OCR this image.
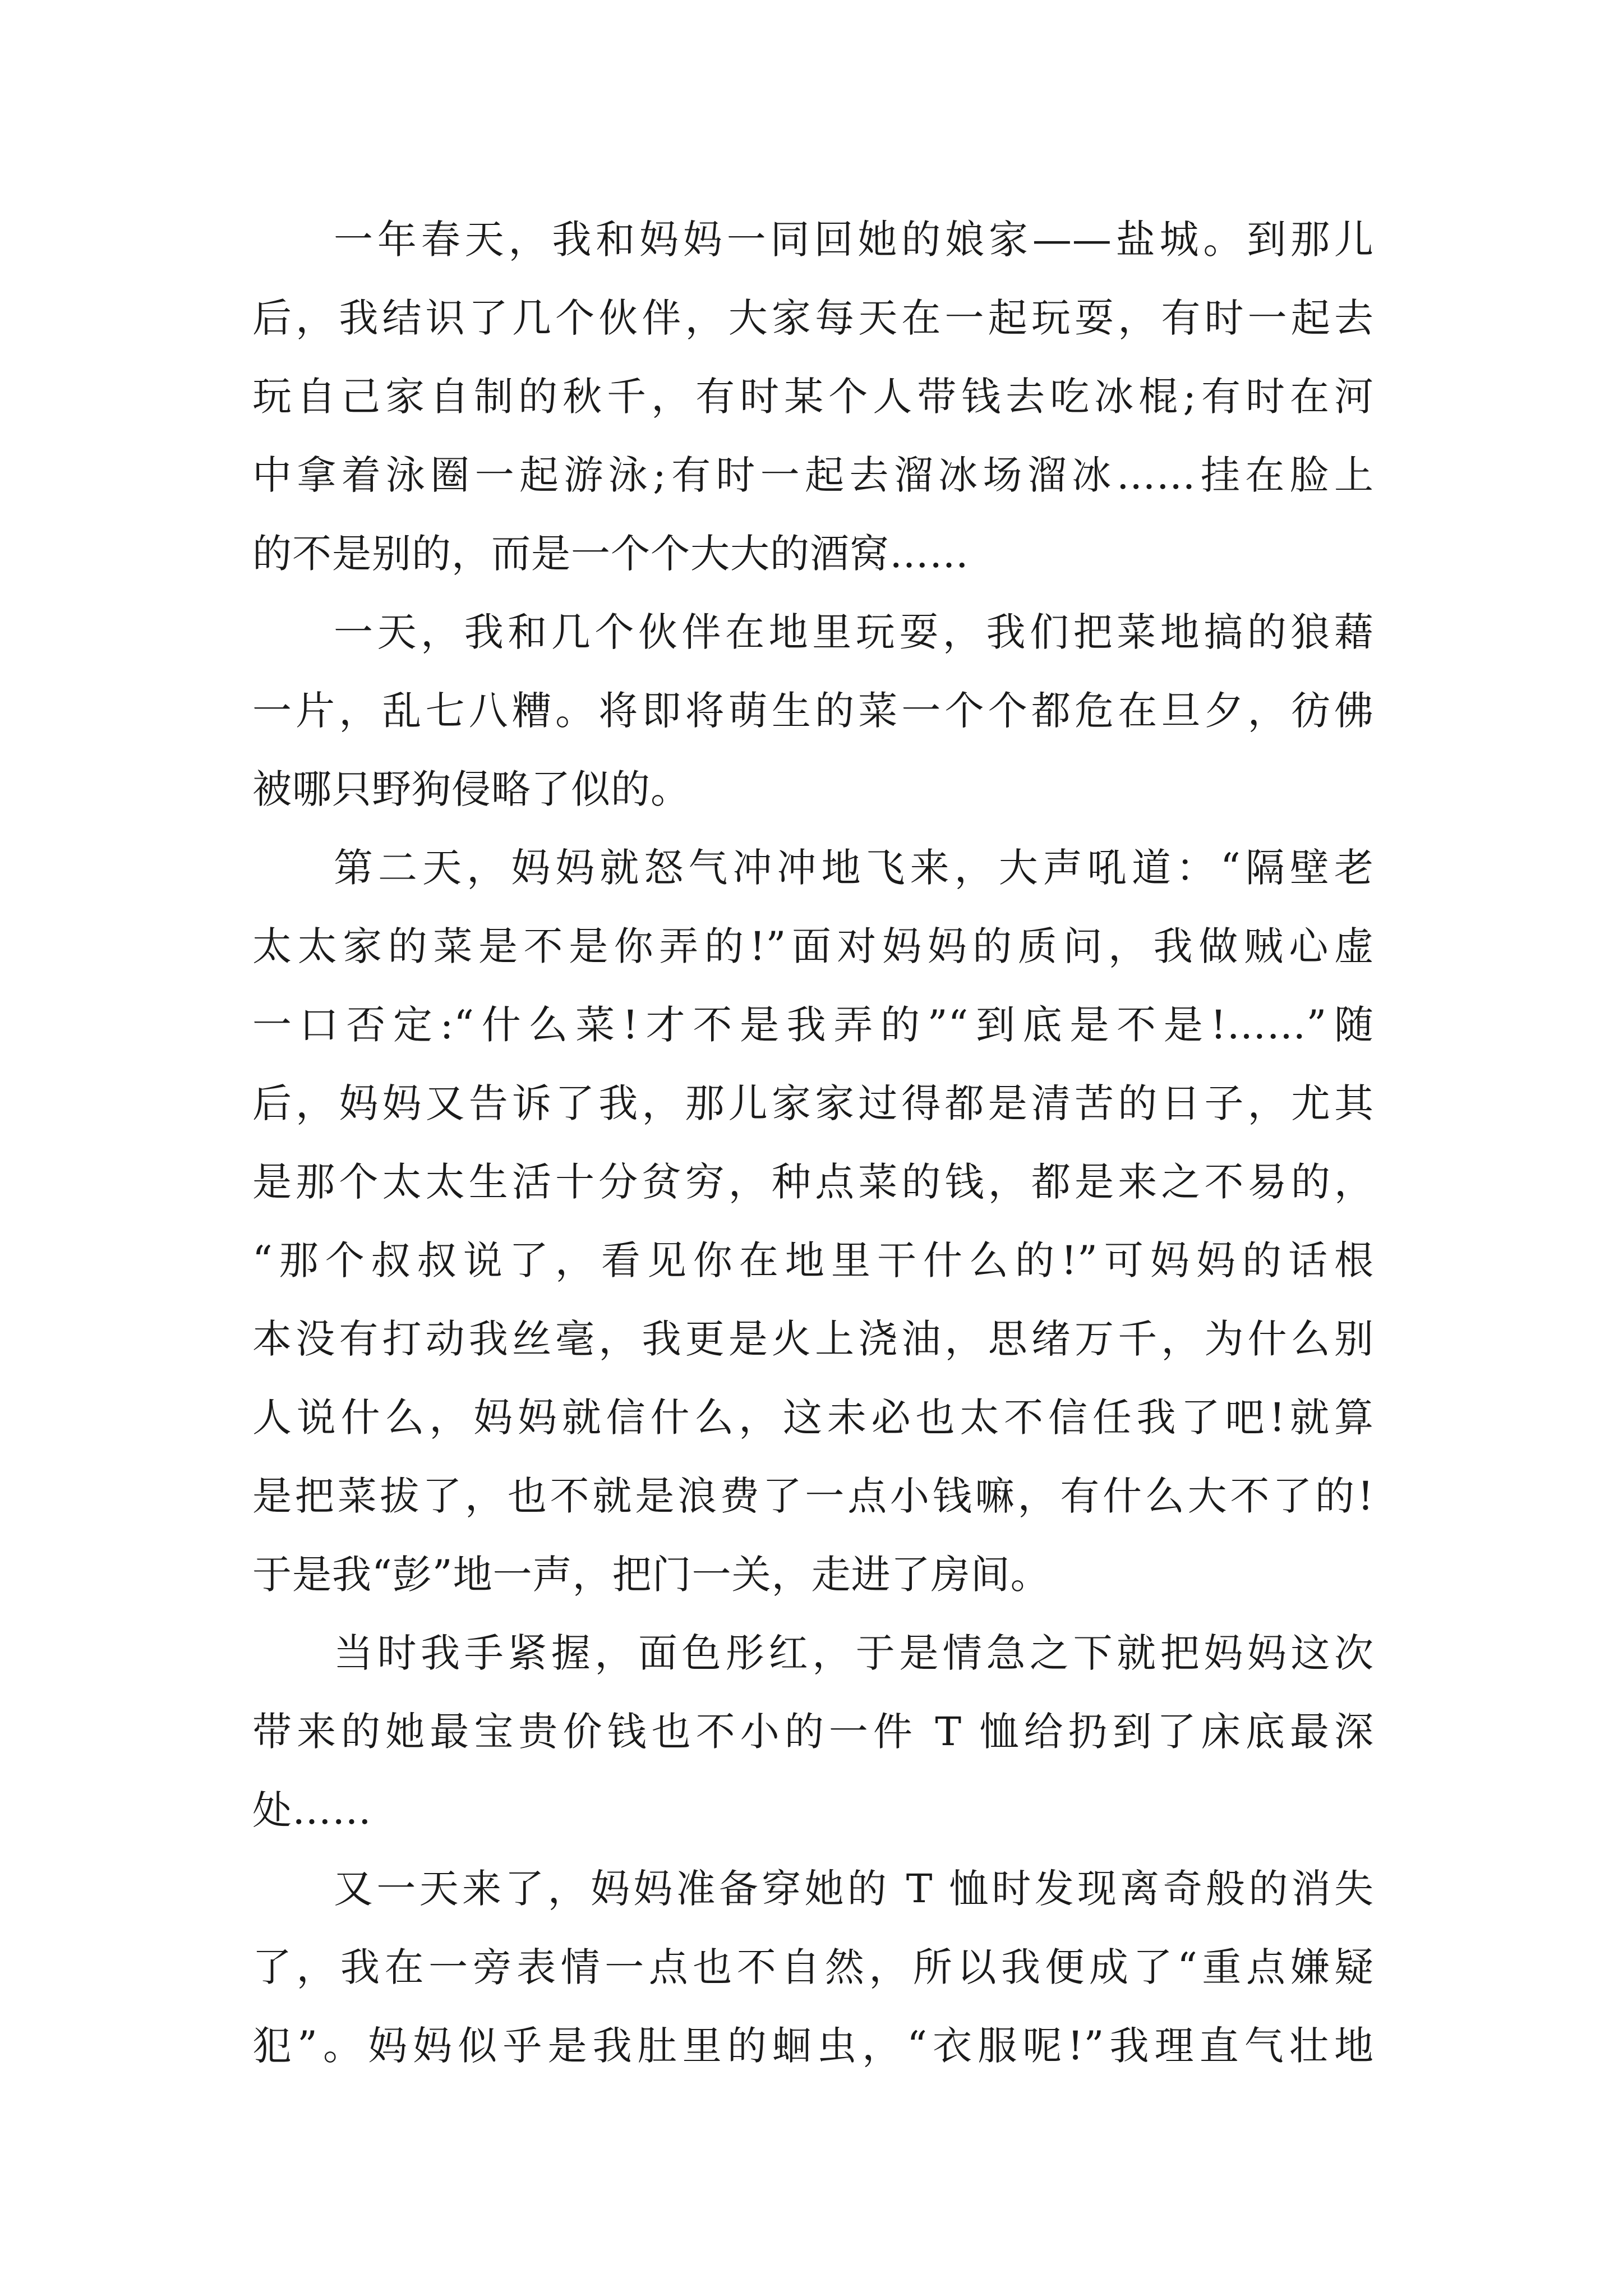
一年春天，我和妈妈一同回她的娘家——盐城。到那儿
后，我结识了几个伙伴，大家每天在一起玩耍，有时一起去
玩自己家自制的秋千，有时某个人带钱去吃冰棍;有时在河
中拿着泳圈一起游泳;有时一起去溜冰场溜冰……挂在脸上
的不是别的，而是一个个大大的酒窝……
一天，我和几个伙伴在地里玩耍，我们把菜地搞的狼藉
一片，乱七八糟。将即将萌生的菜一个个都危在旦夕，彷佛
被哪只野狗侵略了似的。
第二天，妈妈就怒气冲冲地飞来，大声吼道：“隔壁老
太太家的菜是不是你弄的!”面对妈妈的质问，我做贼心虚
一口否定:“什么菜!才不是我弄的”“到底是不是!……”随
后，妈妈又告诉了我，那儿家家过得都是清苦的日子，尤其
是那个太太生活十分贫穷，种点菜的钱，都是来之不易的，
“那个叔叔说了，看见你在地里干什么的!”可妈妈的话根
本没有打动我丝毫，我更是火上浇油，思绪万千，为什么别
人说什么，妈妈就信什么，这未必也太不信任我了吧!就算
是把菜拔了，也不就是浪费了一点小钱嘛，有什么大不了的!
于是我“彭”地一声，把门一关，走进了房间。
当时我手紧握，面色彤红，于是情急之下就把妈妈这次
带来的她最宝贵价钱也不小的一件 T 恤给扔到了床底最深
处……
又一天来了，妈妈准备穿她的 T 恤时发现离奇般的消失
了，我在一旁表情一点也不自然，所以我便成了“重点嫌疑
犯”。妈妈似乎是我肚里的蛔虫，“衣服呢!”我理直气壮地
